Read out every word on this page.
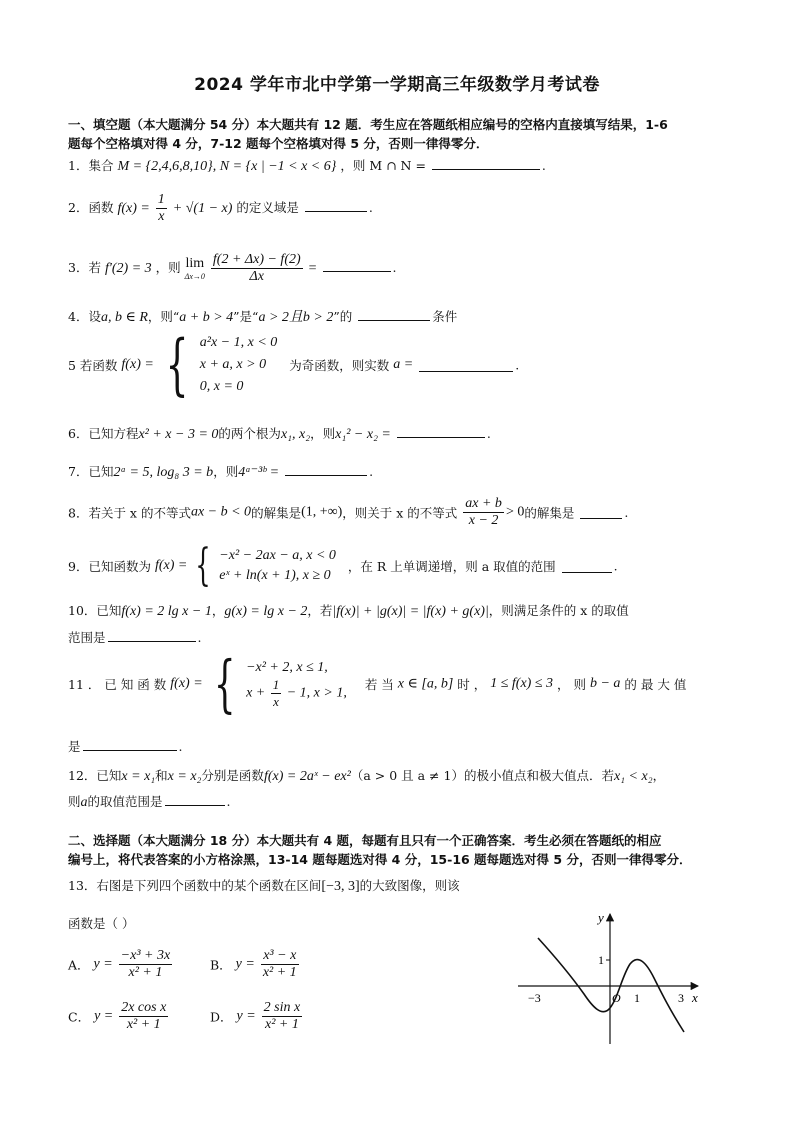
2024 学年市北中学第一学期高三年级数学月考试卷
一、填空题（本大题满分 54 分）本大题共有 12 题．考生应在答题纸相应编号的空格内直接填写结果，1-6
题每个空格填对得 4 分，7-12 题每个空格填对得 5 分，否则一律得零分．
1．集合 M = {2,4,6,8,10}, N = {x | −1 < x < 6} ，则 M ∩ N =	.
2．函数 $f(x) = \frac{1}{x} + √(1 - x)$ 的定义域是	.
3．若 f′(2) = 3 ，则 lim
Δx→0
$\frac{f(2 + \Delta x) - f(2)}{\Delta x}$ =	.
4．设a, b ∈ R，则“a + b > 4”是“a > 2且b > 2”的	条件
5 若函数 f(x) = { a²x − 1, x < 0
x + a, x > 0
0, x = 0
为奇函数，则实数 a =	.
6．已知方程x² + x − 3 = 0的两个根为x₁, x₂，则x₁² − x₂ =	.
7．已知2ᵃ = 5, log₈ 3 = b，则4ᵃ⁻³ᵇ =	.
8．若关于 x 的不等式ax − b < 0的解集是(1, +∞)，则关于 x 的不等式 $\frac{ax + b}{x - 2} > 0$的解集是	.
9．已知函数为 f(x) = { −x² − 2ax − a, x < 0
eˣ + ln(x + 1), x ≥ 0
，在 R 上单调递增，则 a 取值的范围	.
10．已知f(x) = 2 lg x − 1，g(x) = lg x − 2，若|f(x)| + |g(x)| = |f(x) + g(x)|，则满足条件的 x 的取值
范围是	.
11 ． 已 知 函 数 f(x) = { −x² + 2, x ≤ 1,
$x + \frac{1}{x} - 1$, x > 1,
若 当 x ∈ [a, b] 时 ， 1 ≤ f(x) ≤ 3 ， 则 b − a 的 最 大 值
是	.
12．已知x = x₁和x = x₂分别是函数f(x) = 2aˣ − ex²（a > 0 且 a ≠ 1）的极小值点和极大值点．若x₁ < x₂，
则a的取值范围是	.
二、选择题（本大题满分 18 分）本大题共有 4 题，每题有且只有一个正确答案．考生必须在答题纸的相应
编号上，将代表答案的小方格涂黑，13-14 题每题选对得 4 分，15-16 题每题选对得 5 分，否则一律得零分．
13．右图是下列四个函数中的某个函数在区间[−3, 3]的大致图像，则该
函数是（ ）
A． $y = \frac{\text{−x³ + 3x}}{\text{x² + 1}}$	B． $y = \frac{\text{x³ − x}}{\text{x² + 1}}$
C． $y = \frac{\text{2x cos x}}{\text{x² + 1}}$	D． $y = \frac{\text{2 sin x}}{\text{x² + 1}}$
y
x
1
−3	O 1	3
